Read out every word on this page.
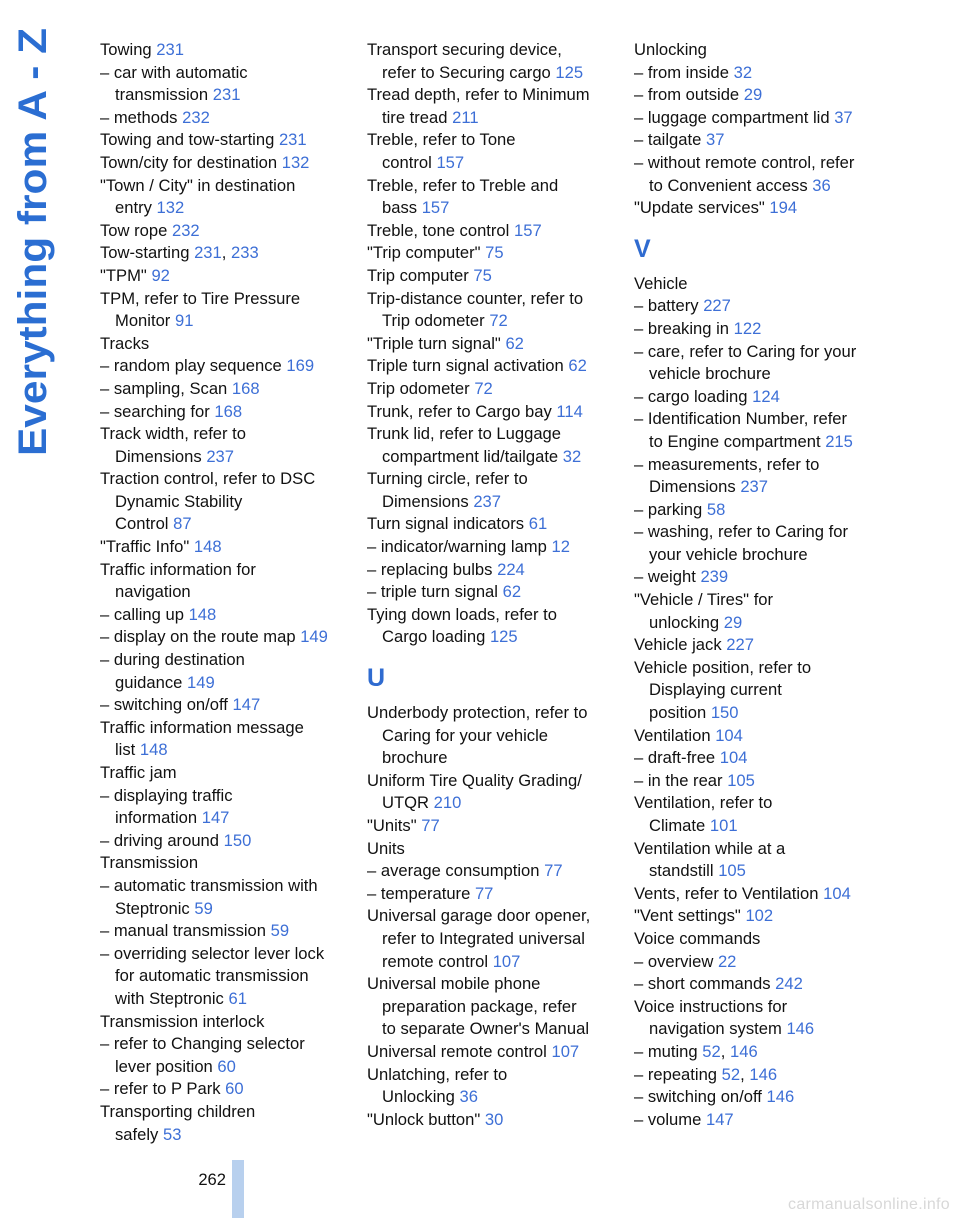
Everything from A - Z
Towing 231
– car with automatic
transmission 231
– methods 232
Towing and tow-starting 231
Town/city for destination 132
"Town / City" in destination
entry 132
Tow rope 232
Tow-starting 231, 233
"TPM" 92
TPM, refer to Tire Pressure
Monitor 91
Tracks
– random play sequence 169
– sampling, Scan 168
– searching for 168
Track width, refer to
Dimensions 237
Traction control, refer to DSC
Dynamic Stability
Control 87
"Traffic Info" 148
Traffic information for
navigation
– calling up 148
– display on the route map 149
– during destination
guidance 149
– switching on/off 147
Traffic information message
list 148
Traffic jam
– displaying traffic
information 147
– driving around 150
Transmission
– automatic transmission with
Steptronic 59
– manual transmission 59
– overriding selector lever lock
for automatic transmission
with Steptronic 61
Transmission interlock
– refer to Changing selector
lever position 60
– refer to P Park 60
Transporting children
safely 53
Transport securing device,
refer to Securing cargo 125
Tread depth, refer to Minimum
tire tread 211
Treble, refer to Tone
control 157
Treble, refer to Treble and
bass 157
Treble, tone control 157
"Trip computer" 75
Trip computer 75
Trip-distance counter, refer to
Trip odometer 72
"Triple turn signal" 62
Triple turn signal activation 62
Trip odometer 72
Trunk, refer to Cargo bay 114
Trunk lid, refer to Luggage
compartment lid/tailgate 32
Turning circle, refer to
Dimensions 237
Turn signal indicators 61
– indicator/warning lamp 12
– replacing bulbs 224
– triple turn signal 62
Tying down loads, refer to
Cargo loading 125
U
Underbody protection, refer to
Caring for your vehicle
brochure
Uniform Tire Quality Grading/
UTQR 210
"Units" 77
Units
– average consumption 77
– temperature 77
Universal garage door opener,
refer to Integrated universal
remote control 107
Universal mobile phone
preparation package, refer
to separate Owner's Manual
Universal remote control 107
Unlatching, refer to
Unlocking 36
"Unlock button" 30
Unlocking
– from inside 32
– from outside 29
– luggage compartment lid 37
– tailgate 37
– without remote control, refer
to Convenient access 36
"Update services" 194
V
Vehicle
– battery 227
– breaking in 122
– care, refer to Caring for your
vehicle brochure
– cargo loading 124
– Identification Number, refer
to Engine compartment 215
– measurements, refer to
Dimensions 237
– parking 58
– washing, refer to Caring for
your vehicle brochure
– weight 239
"Vehicle / Tires" for
unlocking 29
Vehicle jack 227
Vehicle position, refer to
Displaying current
position 150
Ventilation 104
– draft-free 104
– in the rear 105
Ventilation, refer to
Climate 101
Ventilation while at a
standstill 105
Vents, refer to Ventilation 104
"Vent settings" 102
Voice commands
– overview 22
– short commands 242
Voice instructions for
navigation system 146
– muting 52, 146
– repeating 52, 146
– switching on/off 146
– volume 147
262
carmanualsonline.info
